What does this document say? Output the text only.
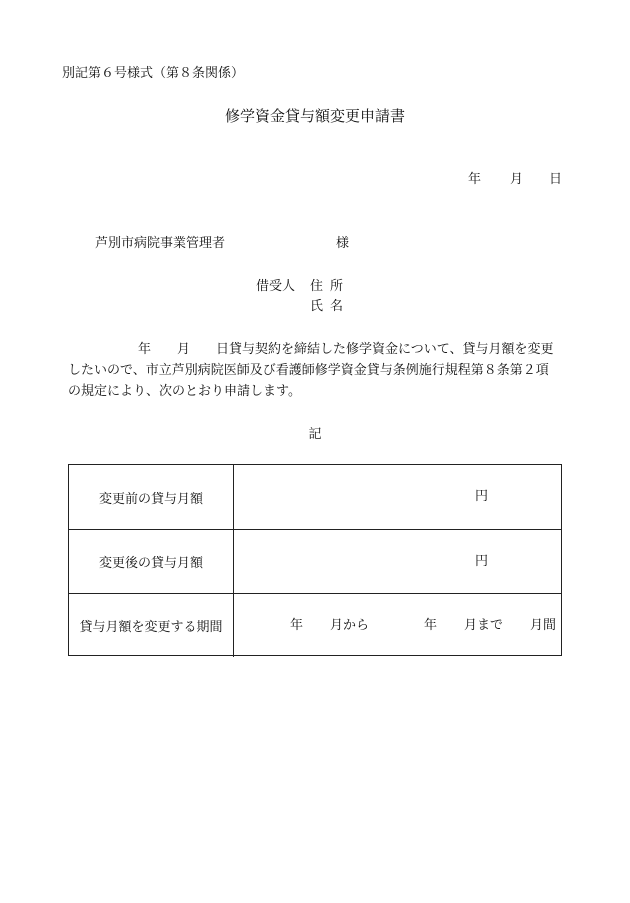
別記第６号様式（第８条関係）
修学資金貸与額変更申請書
年 月 日
芦別市病院事業管理者	様
借受人 住所
氏名
年　　月　　日貸与契約を締結した修学資金について、貸与月額を変更
したいので、市立芦別病院医師及び看護師修学資金貸与条例施行規程第８条第２項
の規定により、次のとおり申請します。
記
変更前の貸与月額	円
変更後の貸与月額	円
貸与月額を変更する期間	年 月から	年 月まで 月間
